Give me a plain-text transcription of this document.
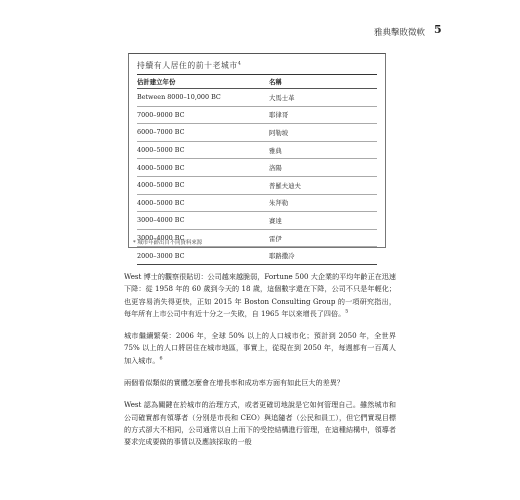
雅典擊敗徵軟 5
持續有人居住的前十老城市$^4$
估計建立年份	名稱
Between 8000–10,000 BC	大馬士革
7000–9000 BC	耶律哥
6000–7000 BC	阿勒坡
4000–5000 BC	雅典
4000–5000 BC	洛陽
4000–5000 BC	普羅夫迪夫
4000–5000 BC	朱拜勒
3000–4000 BC	賽達
3000–4000 BC	雷伊
2000–3000 BC	耶路撒冷
* 城市年齡出自不同資料來源

West 博士的觀察很貼切：公司越來越脆弱，Fortune 500 大企業的平均年齡正在迅速下降：從 1958 年的 60 歲到今天的 18 歲，這個數字還在下降，公司不只是年輕化；也更容易消失得更快，正如 2015 年 Boston Consulting Group 的一項研究指出，每年所有上市公司中有近十分之一失敗，自 1965 年以來增長了四倍。$^5$

城市繼續繁榮：2006 年，全球 50% 以上的人口城市化；預計到 2050 年，全世界 75% 以上的人口將居住在城市地區，事實上，從現在到 2050 年，每週都有一百萬人加入城市。$^6$

兩個看似類似的實體怎麼會在增長率和成功率方面有如此巨大的差異？

West 認為關鍵在於城市的治理方式，或者更確切地說是它如何管理自己。雖然城市和公司確實都有領導者（分別是市長和 CEO）與追隨者（公民和員工），但它們實現目標的方式卻大不相同，公司通常以自上而下的受控結構進行管理，在這種結構中，領導者要求完成要做的事情以及應該採取的一般
